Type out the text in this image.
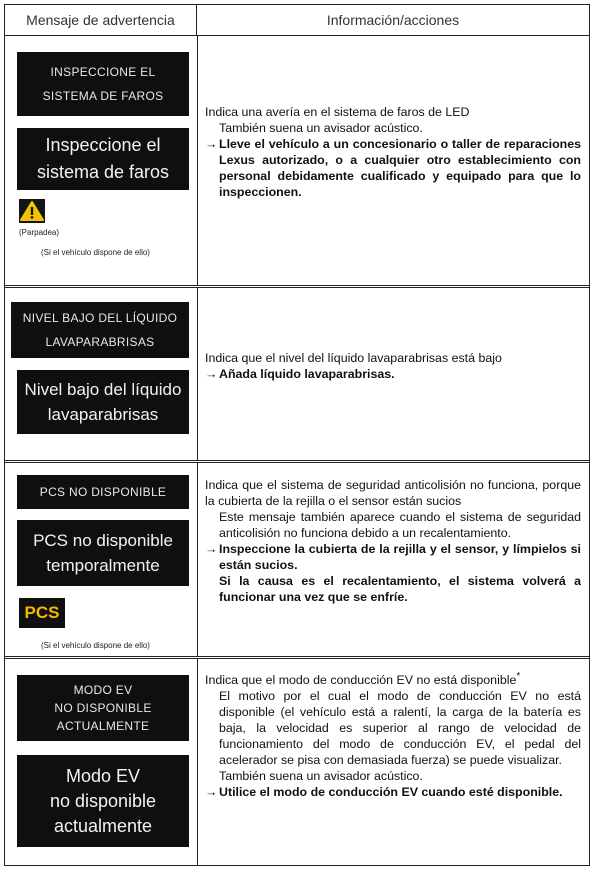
Mensaje de advertencia	Información/acciones
INSPECCIONE EL
SISTEMA DE FAROS
Inspeccione el
sistema de faros
(Parpadea)
(Si el vehículo dispone de ello)
Indica una avería en el sistema de faros de LED
También suena un avisador acústico.
→ Lleve el vehículo a un concesionario o taller de reparaciones Lexus autorizado, o a cualquier otro establecimiento con personal debidamente cualificado y equipado para que lo inspeccionen.
NIVEL BAJO DEL LÍQUIDO
LAVAPARABRISAS
Nivel bajo del líquido
lavaparabrisas
Indica que el nivel del líquido lavaparabrisas está bajo
→ Añada líquido lavaparabrisas.
PCS NO DISPONIBLE
PCS no disponible
temporalmente
PCS
(Si el vehículo dispone de ello)
Indica que el sistema de seguridad anticolisión no funciona, porque la cubierta de la rejilla o el sensor están sucios
Este mensaje también aparece cuando el sistema de seguridad anticolisión no funciona debido a un recalentamiento.
→ Inspeccione la cubierta de la rejilla y el sensor, y límpielos si están sucios.
Si la causa es el recalentamiento, el sistema volverá a funcionar una vez que se enfríe.
MODO EV
NO DISPONIBLE
ACTUALMENTE
Modo EV
no disponible
actualmente
Indica que el modo de conducción EV no está disponible*
El motivo por el cual el modo de conducción EV no está disponible (el vehículo está a ralentí, la carga de la batería es baja, la velocidad es superior al rango de velocidad de funcionamiento del modo de conducción EV, el pedal del acelerador se pisa con demasiada fuerza) se puede visualizar.
También suena un avisador acústico.
→ Utilice el modo de conducción EV cuando esté disponible.
